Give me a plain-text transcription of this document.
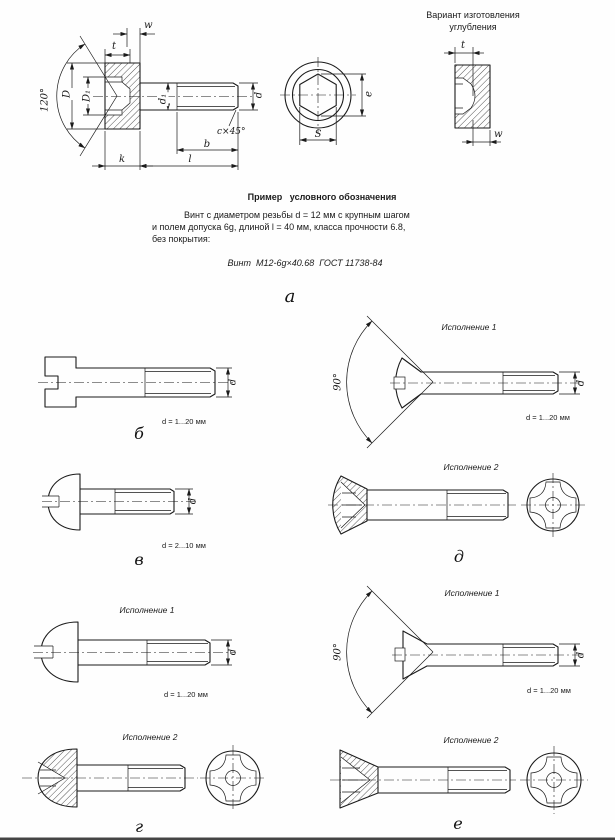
Вариант изготовления
углубления
t
w
120° D D₁
t
w
d₁	d
c×45°
b
l
k
e
S
Пример   условного обозначения
Винт с диаметром резьбы d = 12 мм с крупным шагом
и полем допуска 6g, длиной l = 40 мм, класса прочности 6.8,
без покрытия:
Винт  М12-6g×40.68  ГОСТ 11738-84
а
d
d = 1...20 мм
б
d
d = 2...10 мм
в
Исполнение 1
d
d = 1...20 мм
Исполнение 2
г
Исполнение 1
90°	d
d = 1...20 мм
Исполнение 2
д
Исполнение 1
90°	d
d = 1...20 мм
Исполнение 2
е
